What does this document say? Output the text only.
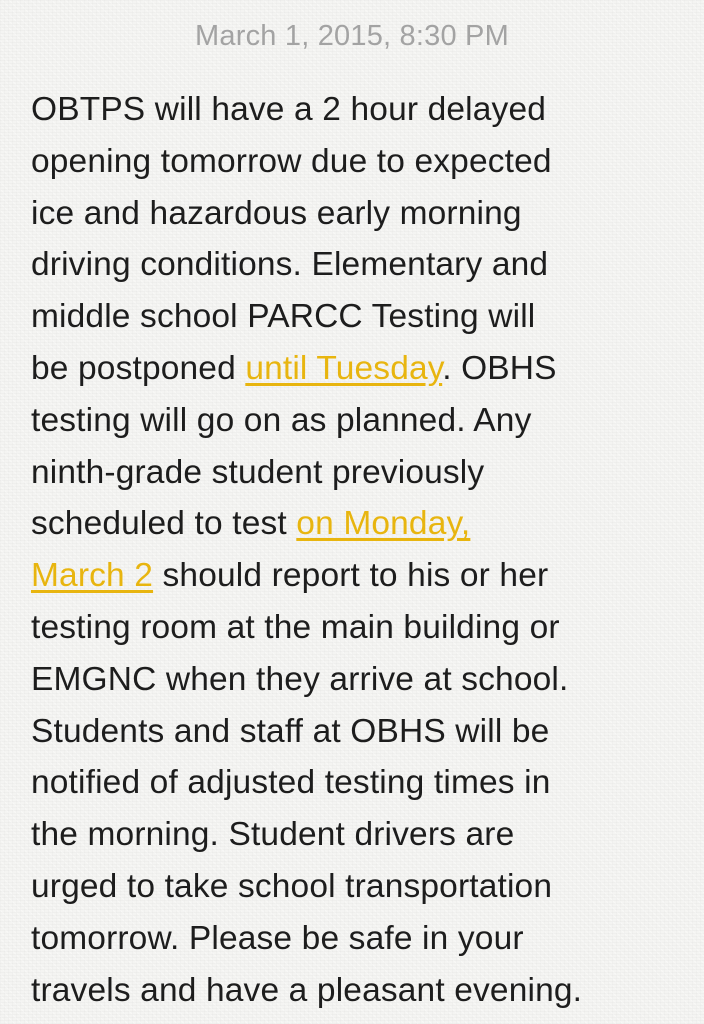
March 1, 2015, 8:30 PM
OBTPS will have a 2 hour delayed
opening tomorrow due to expected
ice and hazardous early morning
driving conditions. Elementary and
middle school PARCC Testing will
be postponed until Tuesday. OBHS
testing will go on as planned. Any
ninth-grade student previously
scheduled to test on Monday,
March 2 should report to his or her
testing room at the main building or
EMGNC when they arrive at school.
Students and staff at OBHS will be
notified of adjusted testing times in
the morning. Student drivers are
urged to take school transportation
tomorrow. Please be safe in your
travels and have a pleasant evening.
